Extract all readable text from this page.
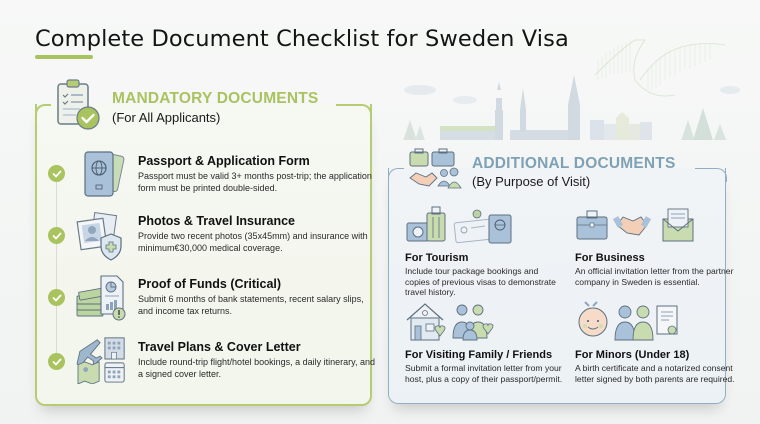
Complete Document Checklist for Sweden Visa
MANDATORY DOCUMENTS
(For All Applicants)
Passport & Application Form
Passport must be valid 3+ months post-trip; the application form must be printed double-sided.
Photos & Travel Insurance
Provide two recent photos (35x45mm) and insurance with minimum€30,000 medical coverage.
Proof of Funds (Critical)
Submit 6 months of bank statements, recent salary slips, and income tax returns.
Travel Plans & Cover Letter
Include round-trip flight/hotel bookings, a daily itinerary, and a signed cover letter.
ADDITIONAL DOCUMENTS
(By Purpose of Visit)
For Tourism
Include tour package bookings and copies of previous visas to demonstrate travel history.
For Business
An official invitation letter from the partner company in Sweden is essential.
For Visiting Family / Friends
Submit a formal invitation letter from your host, plus a copy of their passport/permit.
For Minors (Under 18)
A birth certificate and a notarized consent letter signed by both parents are required.
